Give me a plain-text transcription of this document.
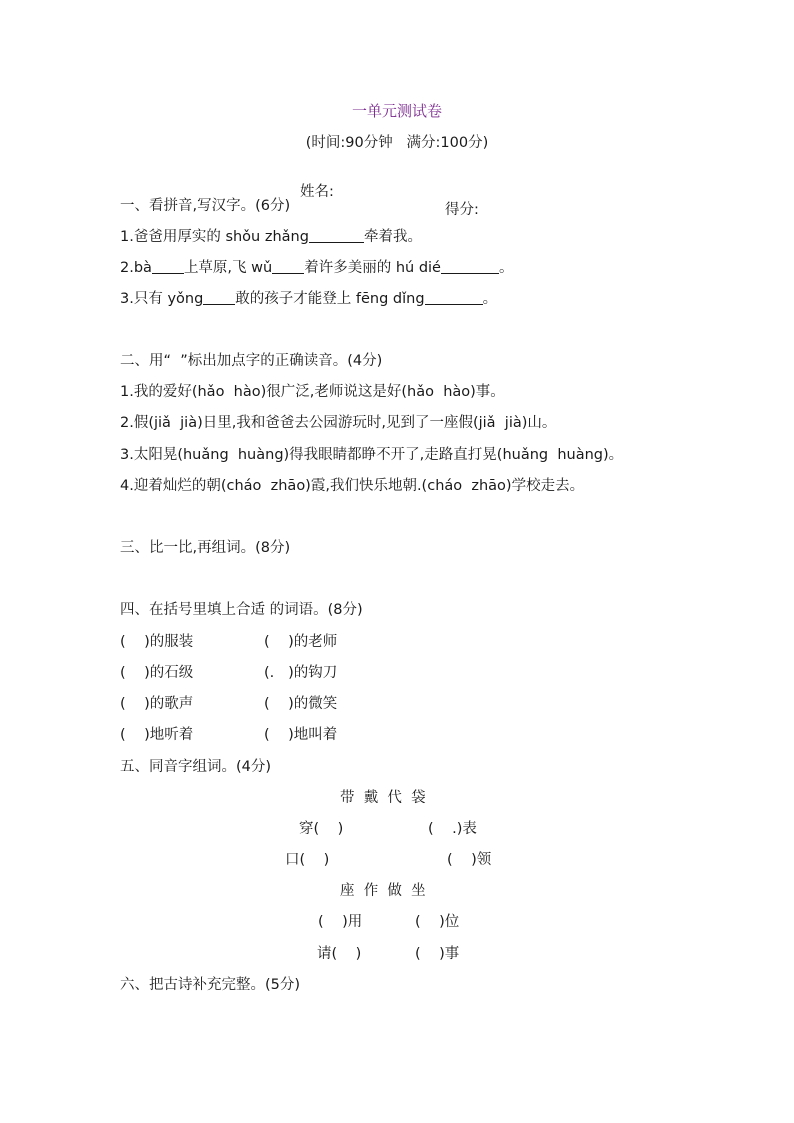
一单元测试卷
(时间:90分钟   满分:100分)

姓名:

得分:

一、看拼音,写汉字。(6分)
1.爸爸用厚实的 shǒu zhǎng	牵着我。
2.bà 上草原,飞 wǔ 着许多美丽的 hú dié	。
3.只有 yǒng 敢的孩子才能登上 fēng dǐng	。
二、用“  ”标出加点字的正确读音。(4分)
1.我的爱好(hǎo  hào)很广泛,老师说这是好(hǎo  hào)事。
2.假(jiǎ  jià)日里,我和爸爸去公园游玩时,见到了一座假(jiǎ  jià)山。
3.太阳晃(huǎng  huàng)得我眼睛都睁不开了,走路直打晃(huǎng  huàng)。
4.迎着灿烂的朝(cháo  zhāo)霞,我们快乐地朝.(cháo  zhāo)学校走去。
三、比一比,再组词。(8分)
四、在括号里填上合适 的词语。(8分)
(    )的服装	(    )的老师
(    )的石级	(.   )的钩刀
(    )的歌声	(    )的微笑
(    )地听着	(    )地叫着
五、同音字组词。(4分)
带  戴  代  袋
穿(    )	(    .)表
口(    )	(    )领
座  作  做  坐
(    )用	(    )位
请(    )	(    )事
六、把古诗补充完整。(5分)
